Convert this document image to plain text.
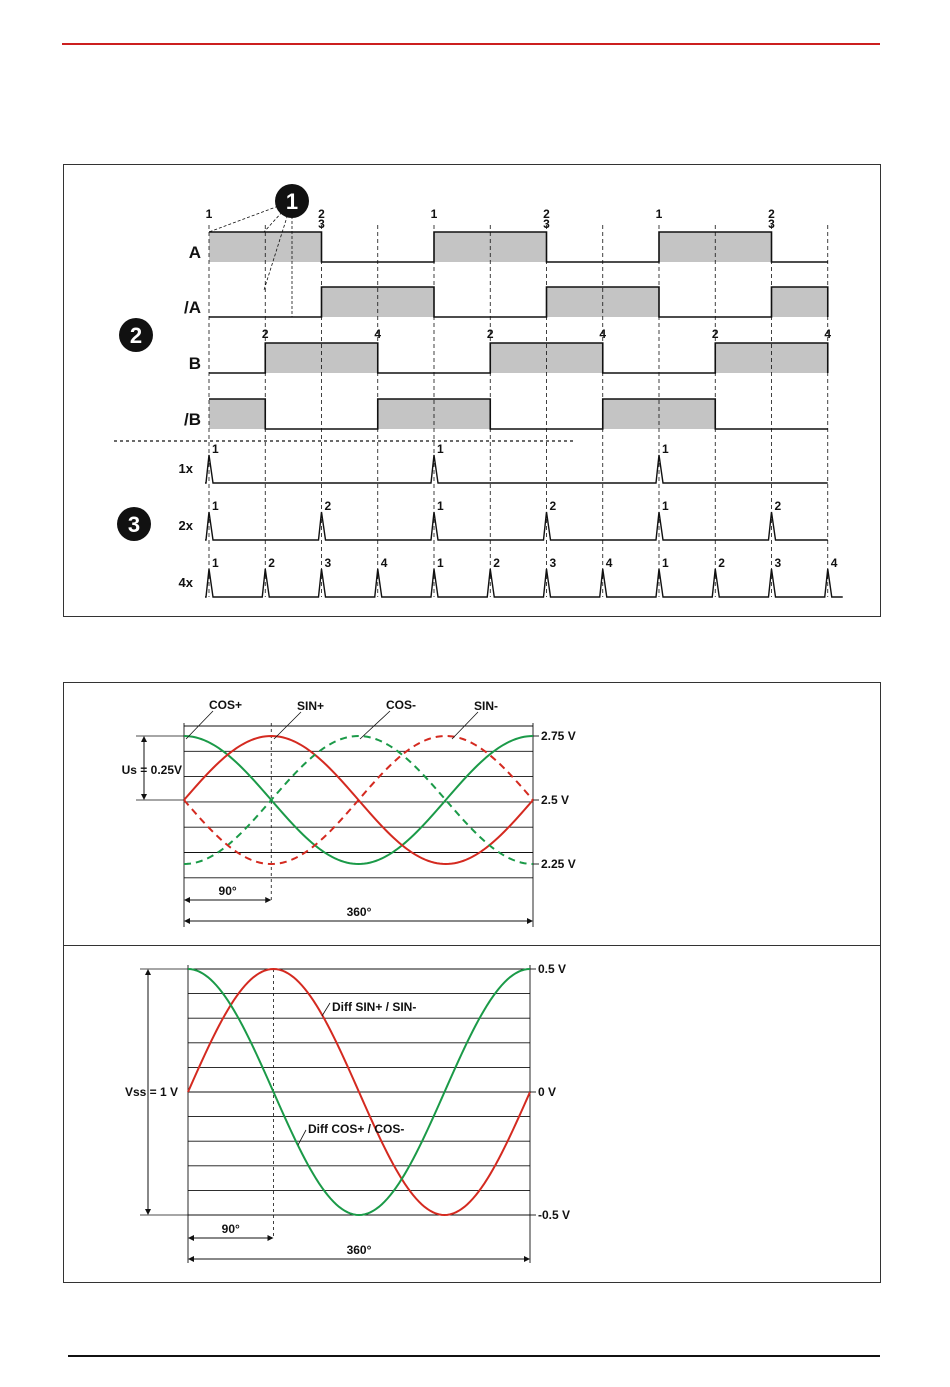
A
/A
B
/B
1	2
3
1	2
3
1	2
3
2	4	2	4	2	4
1
2
3
1	1	1
1x
1	2	1	2	1	2
2x
1	2	3	4	1	2	3	4	1	2	3	4
4x
COS+	SIN+	COS-	SIN-
2.75 V
2.5 V
2.25 V
Us = 0.25V
90°
360°
Diff SIN+ / SIN-
Diff COS+ / COS-
0.5 V
0 V
-0.5 V
Vss = 1 V
90°
360°
